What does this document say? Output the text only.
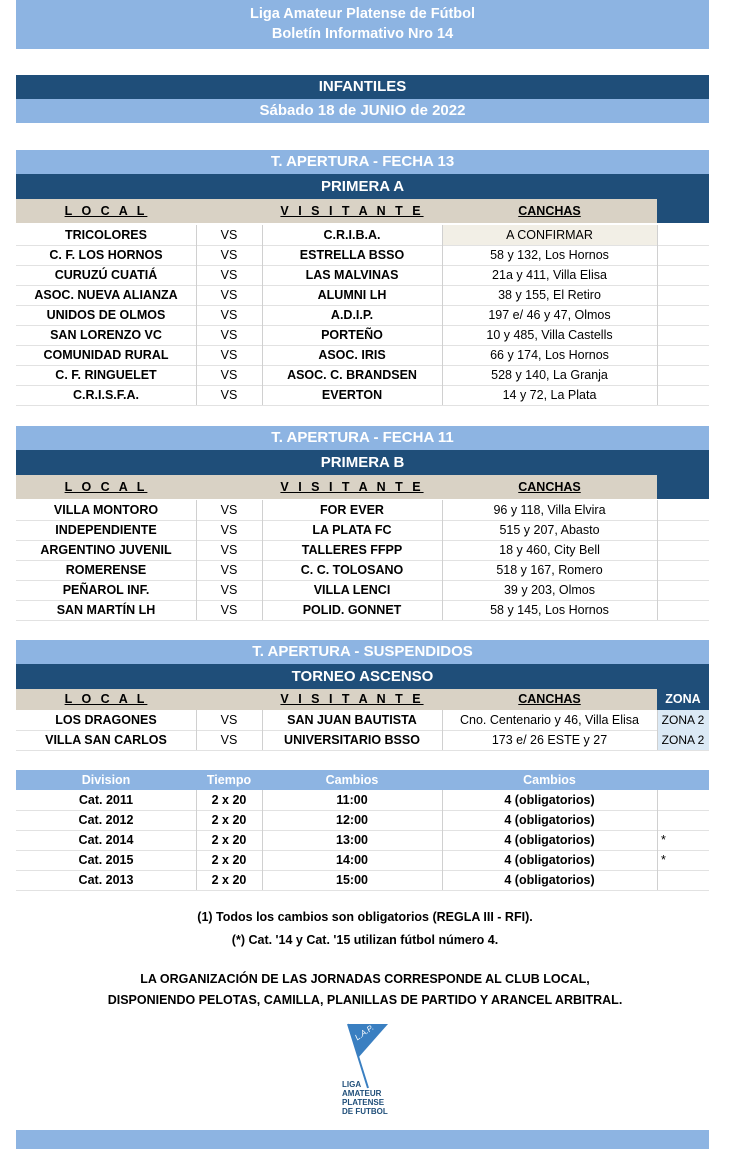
Liga Amateur Platense de Fútbol
Boletín Informativo Nro 14
INFANTILES
Sábado 18 de JUNIO de 2022
T. APERTURA - FECHA 13
PRIMERA A
L O C A L	V I S I T A N T E	CANCHAS
TRICOLORES	VS	C.R.I.B.A.	A CONFIRMAR
C. F. LOS HORNOS	VS	ESTRELLA BSSO	58 y 132, Los Hornos
CURUZÚ CUATIÁ	VS	LAS MALVINAS	21a y 411, Villa Elisa
ASOC. NUEVA ALIANZA	VS	ALUMNI LH	38 y 155, El Retiro
UNIDOS DE OLMOS	VS	A.D.I.P.	197 e/ 46 y 47, Olmos
SAN LORENZO VC	VS	PORTEÑO	10 y 485, Villa Castells
COMUNIDAD RURAL	VS	ASOC. IRIS	66 y 174, Los Hornos
C. F. RINGUELET	VS	ASOC. C. BRANDSEN	528 y 140, La Granja
C.R.I.S.F.A.	VS	EVERTON	14 y 72, La Plata
T. APERTURA - FECHA 11
PRIMERA B
L O C A L	V I S I T A N T E	CANCHAS
VILLA MONTORO	VS	FOR EVER	96 y 118, Villa Elvira
INDEPENDIENTE	VS	LA PLATA FC	515 y 207, Abasto
ARGENTINO JUVENIL	VS	TALLERES FFPP	18 y 460, City Bell
ROMERENSE	VS	C. C. TOLOSANO	518 y 167, Romero
PEÑAROL INF.	VS	VILLA LENCI	39 y 203, Olmos
SAN MARTÍN LH	VS	POLID. GONNET	58 y 145, Los Hornos
T. APERTURA - SUSPENDIDOS
TORNEO ASCENSO
L O C A L	V I S I T A N T E	CANCHAS	ZONA
LOS DRAGONES	VS	SAN JUAN BAUTISTA	Cno. Centenario y 46, Villa Elisa	ZONA 2
VILLA SAN CARLOS	VS	UNIVERSITARIO BSSO	173 e/ 26 ESTE y 27	ZONA 2
Division	Tiempo	Cambios	Cambios
Cat. 2011	2 x 20	11:00	4 (obligatorios)
Cat. 2012	2 x 20	12:00	4 (obligatorios)
Cat. 2014	2 x 20	13:00	4 (obligatorios)	*
Cat. 2015	2 x 20	14:00	4 (obligatorios)	*
Cat. 2013	2 x 20	15:00	4 (obligatorios)
(1) Todos los cambios son obligatorios (REGLA III - RFI).
(*) Cat. '14 y Cat. '15 utilizan fútbol número 4.
LA ORGANIZACIÓN DE LAS JORNADAS CORRESPONDE AL CLUB LOCAL,
DISPONIENDO PELOTAS, CAMILLA, PLANILLAS DE PARTIDO Y ARANCEL ARBITRAL.
L.A.P.
LIGA
AMATEUR
PLATENSE
DE FUTBOL
